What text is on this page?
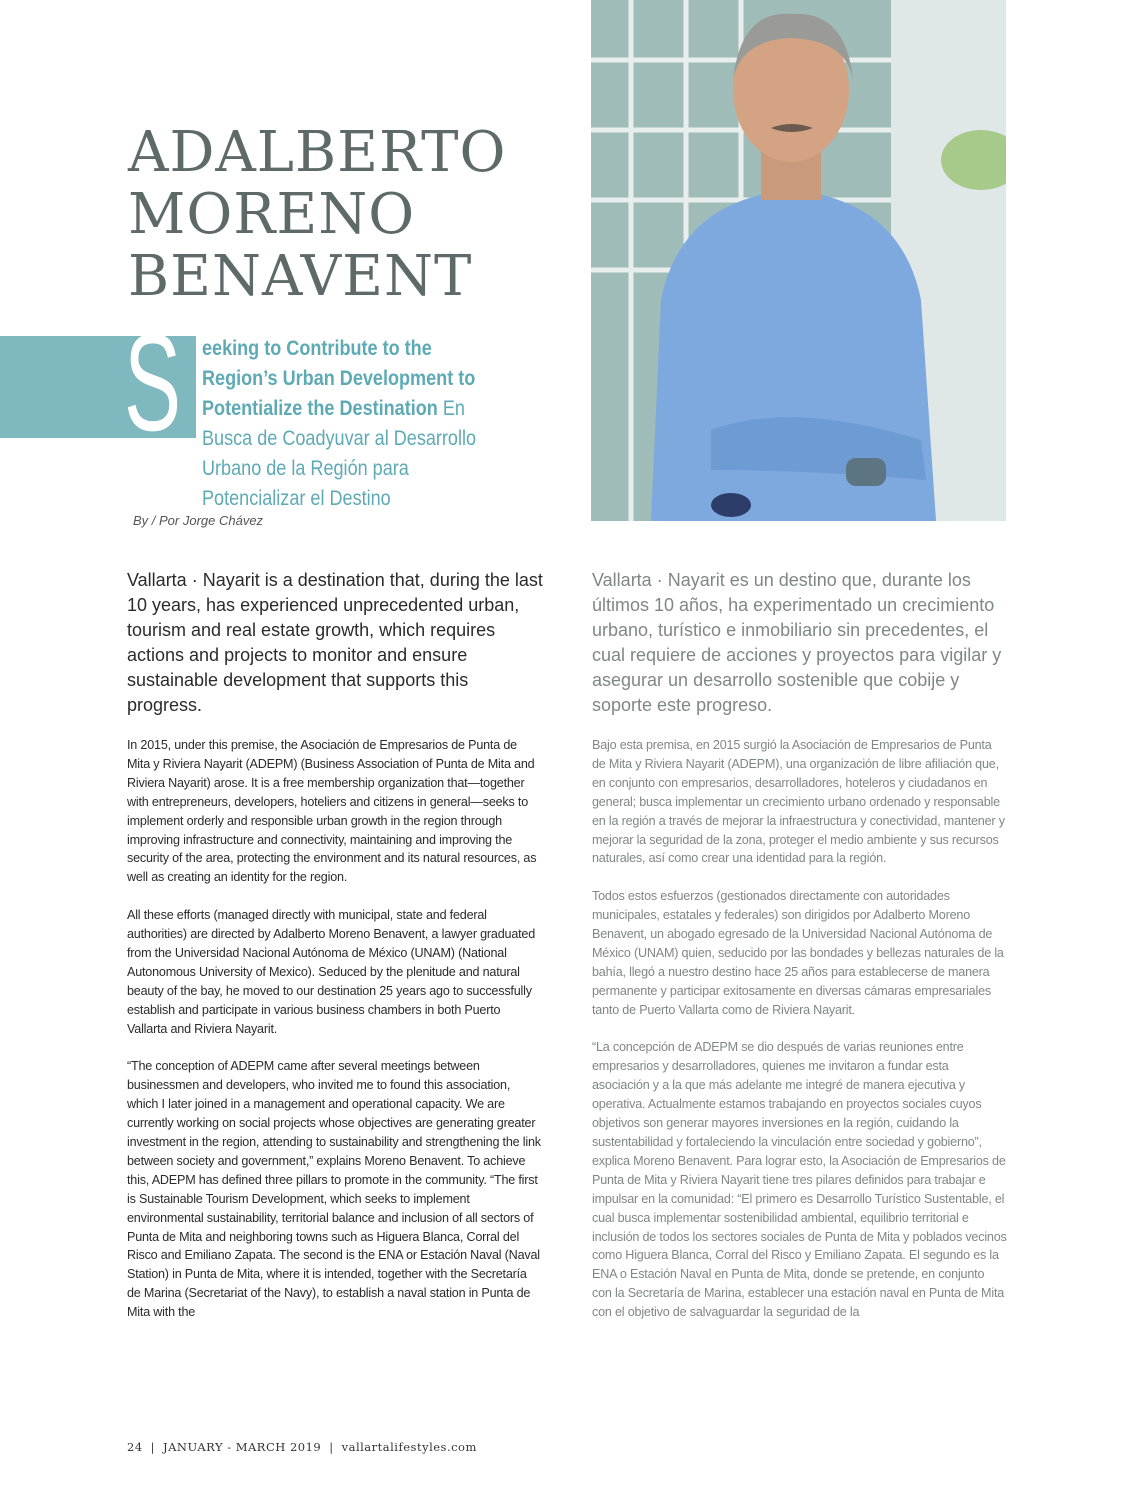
ADALBERTO
MORENO
BENAVENT
S eeking to Contribute to the Region’s Urban Development to Potentialize the Destination En Busca de Coadyuvar al Desarrollo Urbano de la Región para Potencializar el Destino

By / Por Jorge Chávez

Vallarta · Nayarit is a destination that, during the last 10 years, has experienced unprecedented urban, tourism and real estate growth, which requires actions and projects to monitor and ensure sustainable development that supports this progress.

In 2015, under this premise, the Asociación de Empresarios de Punta de Mita y Riviera Nayarit (ADEPM) (Business Association of Punta de Mita and Riviera Nayarit) arose. It is a free membership organization that—together with entrepreneurs, developers, hoteliers and citizens in general—seeks to implement orderly and responsible urban growth in the region through improving infrastructure and connectivity, maintaining and improving the security of the area, protecting the environment and its natural resources, as well as creating an identity for the region.

All these efforts (managed directly with municipal, state and federal authorities) are directed by Adalberto Moreno Benavent, a lawyer graduated from the Universidad Nacional Autónoma de México (UNAM) (National Autonomous University of Mexico). Seduced by the plenitude and natural beauty of the bay, he moved to our destination 25 years ago to successfully establish and participate in various business chambers in both Puerto Vallarta and Riviera Nayarit.

“The conception of ADEPM came after several meetings between businessmen and developers, who invited me to found this association, which I later joined in a management and operational capacity. We are currently working on social projects whose objectives are generating greater investment in the region, attending to sustainability and strengthening the link between society and government,” explains Moreno Benavent. To achieve this, ADEPM has defined three pillars to promote in the community. “The first is Sustainable Tourism Development, which seeks to implement environmental sustainability, territorial balance and inclusion of all sectors of Punta de Mita and neighboring towns such as Higuera Blanca, Corral del Risco and Emiliano Zapata. The second is the ENA or Estación Naval (Naval Station) in Punta de Mita, where it is intended, together with the Secretaría de Marina (Secretariat of the Navy), to establish a naval station in Punta de Mita with the

Vallarta · Nayarit es un destino que, durante los últimos 10 años, ha experimentado un crecimiento urbano, turístico e inmobiliario sin precedentes, el cual requiere de acciones y proyectos para vigilar y asegurar un desarrollo sostenible que cobije y soporte este progreso.

Bajo esta premisa, en 2015 surgió la Asociación de Empresarios de Punta de Mita y Riviera Nayarit (ADEPM), una organización de libre afiliación que, en conjunto con empresarios, desarrolladores, hoteleros y ciudadanos en general; busca implementar un crecimiento urbano ordenado y responsable en la región a través de mejorar la infraestructura y conectividad, mantener y mejorar la seguridad de la zona, proteger el medio ambiente y sus recursos naturales, así como crear una identidad para la región.

Todos estos esfuerzos (gestionados directamente con autoridades municipales, estatales y federales) son dirigidos por Adalberto Moreno Benavent, un abogado egresado de la Universidad Nacional Autónoma de México (UNAM) quien, seducido por las bondades y bellezas naturales de la bahía, llegó a nuestro destino hace 25 años para establecerse de manera permanente y participar exitosamente en diversas cámaras empresariales tanto de Puerto Vallarta como de Riviera Nayarit.

“La concepción de ADEPM se dio después de varias reuniones entre empresarios y desarrolladores, quienes me invitaron a fundar esta asociación y a la que más adelante me integré de manera ejecutiva y operativa. Actualmente estamos trabajando en proyectos sociales cuyos objetivos son generar mayores inversiones en la región, cuidando la sustentabilidad y fortaleciendo la vinculación entre sociedad y gobierno”, explica Moreno Benavent. Para lograr esto, la Asociación de Empresarios de Punta de Mita y Riviera Nayarit tiene tres pilares definidos para trabajar e impulsar en la comunidad: “El primero es Desarrollo Turístico Sustentable, el cual busca implementar sostenibilidad ambiental, equilibrio territorial e inclusión de todos los sectores sociales de Punta de Mita y poblados vecinos como Higuera Blanca, Corral del Risco y Emiliano Zapata. El segundo es la ENA o Estación Naval en Punta de Mita, donde se pretende, en conjunto con la Secretaría de Marina, establecer una estación naval en Punta de Mita con el objetivo de salvaguardar la seguridad de la

24 | JANUARY - MARCH 2019 | vallartalifestyles.com
